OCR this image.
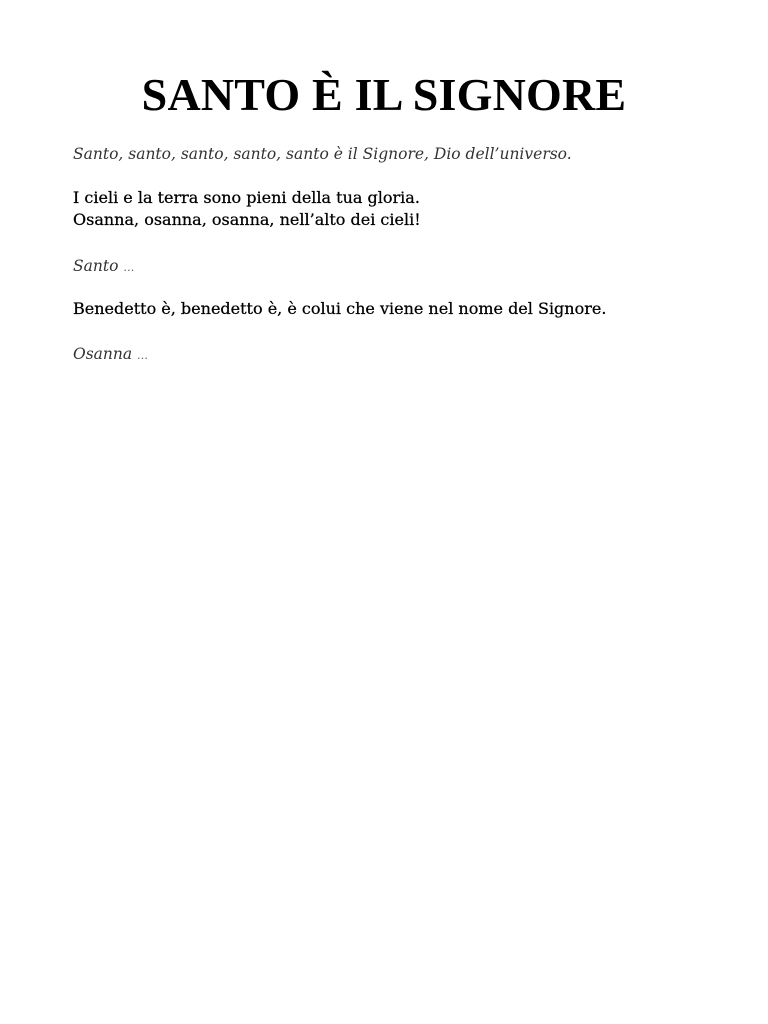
SANTO È IL SIGNORE

Santo, santo, santo, santo, santo è il Signore, Dio dell’universo.

I cieli e la terra sono pieni della tua gloria.

Osanna, osanna, osanna, nell’alto dei cieli!

Santo …

Benedetto è, benedetto è, è colui che viene nel nome del Signore.

Osanna …
